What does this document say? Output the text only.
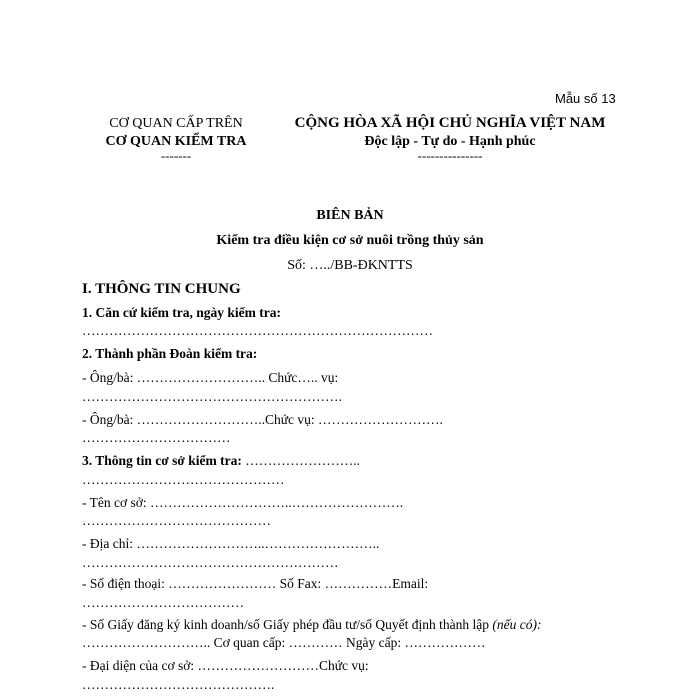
Mẫu số 13
CƠ QUAN CẤP TRÊN
CƠ QUAN KIỂM TRA
-------
CỘNG HÒA XÃ HỘI CHỦ NGHĨA VIỆT NAM
Độc lập - Tự do - Hạnh phúc
---------------
BIÊN BẢN
Kiểm tra điều kiện cơ sở nuôi trồng thủy sản
Số: …../BB-ĐKNTTS
I. THÔNG TIN CHUNG
1. Căn cứ kiểm tra, ngày kiểm tra:
……………………………………………………………………
2. Thành phần Đoàn kiểm tra:
- Ông/bà: ……………………….. Chức….. vụ:
………………………………………………….
- Ông/bà: ………………………..Chức vụ: ……………………….
……………………………
3. Thông tin cơ sở kiểm tra: ……………………..
………………………………………
- Tên cơ sở: …………………………..…………………….
……………………………………
- Địa chỉ: ………………………..……………………..
…………………………………………………
- Số điện thoại: …………………… Số Fax: ……………Email:
………………………………
- Số Giấy đăng ký kinh doanh/số Giấy phép đầu tư/số Quyết định thành lập (nếu có):
……………………….. Cơ quan cấp: ………… Ngày cấp: ………………
- Đại diện của cơ sở: ………………………Chức vụ:
…………………………………….
